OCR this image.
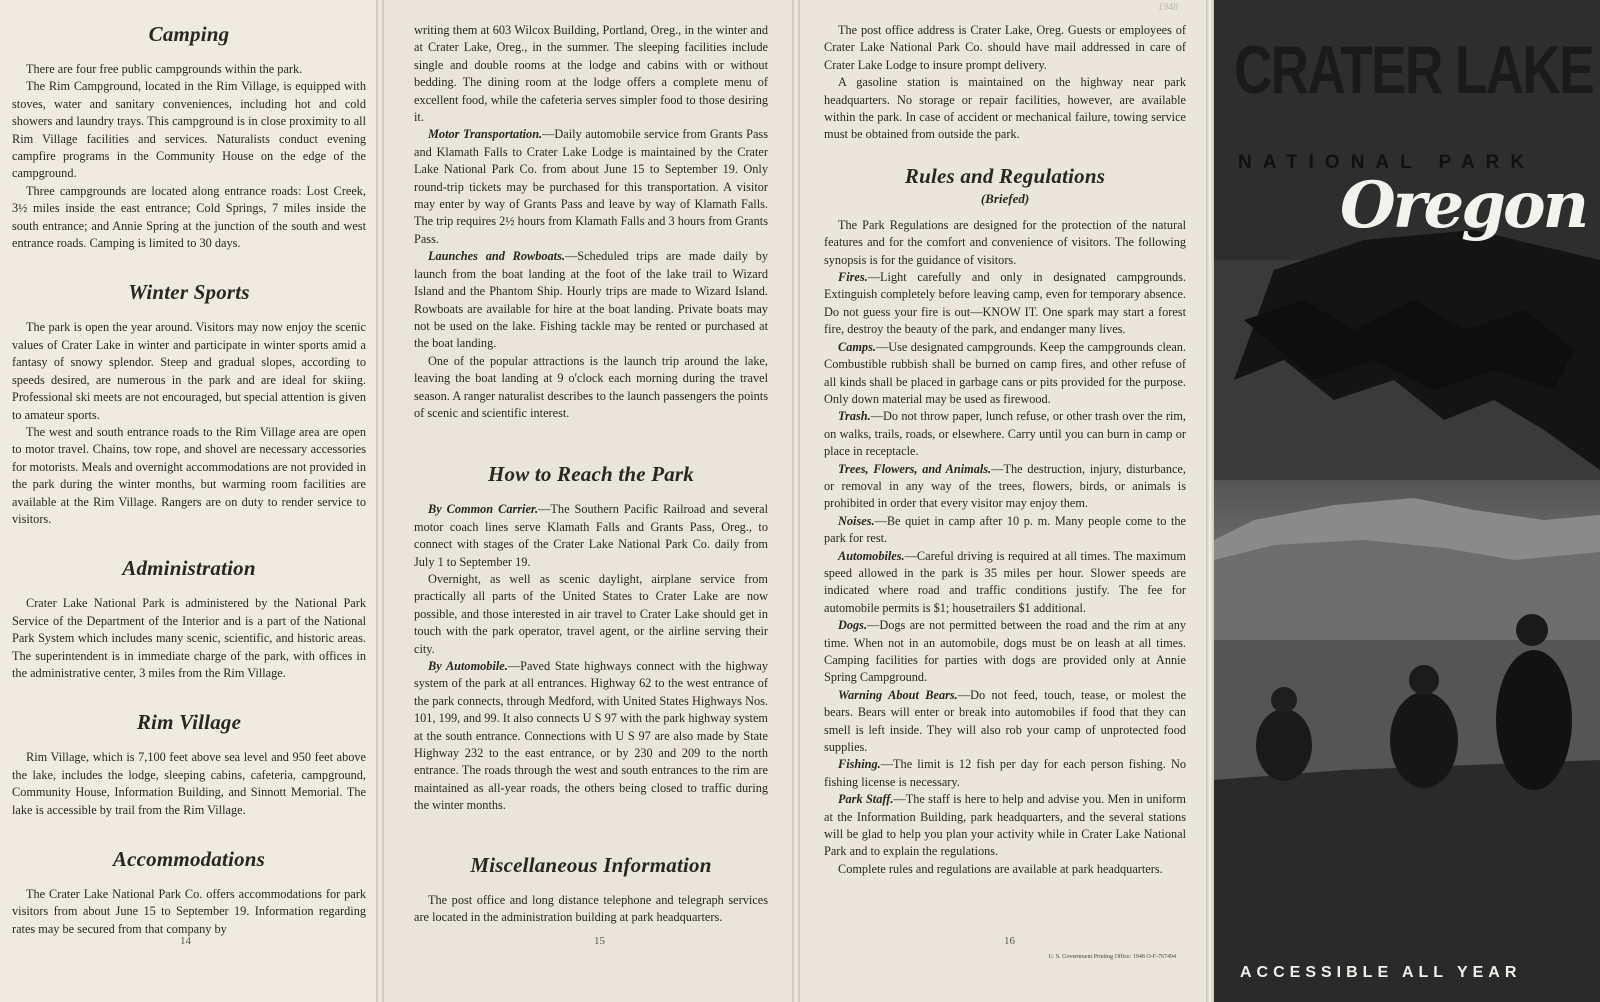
Camping

There are four free public campgrounds within the park.

The Rim Campground, located in the Rim Village, is equipped with stoves, water and sanitary conveniences, including hot and cold showers and laundry trays. This campground is in close proximity to all Rim Village facilities and services. Naturalists conduct evening campfire programs in the Community House on the edge of the campground.

Three campgrounds are located along entrance roads: Lost Creek, 3½ miles inside the east entrance; Cold Springs, 7 miles inside the south entrance; and Annie Spring at the junction of the south and west entrance roads. Camping is limited to 30 days.

Winter Sports

The park is open the year around. Visitors may now enjoy the scenic values of Crater Lake in winter and participate in winter sports amid a fantasy of snowy splendor. Steep and gradual slopes, according to speeds desired, are numerous in the park and are ideal for skiing. Professional ski meets are not encouraged, but special attention is given to amateur sports.

The west and south entrance roads to the Rim Village area are open to motor travel. Chains, tow rope, and shovel are necessary accessories for motorists. Meals and overnight accommodations are not provided in the park during the winter months, but warming room facilities are available at the Rim Village. Rangers are on duty to render service to visitors.

Administration

Crater Lake National Park is administered by the National Park Service of the Department of the Interior and is a part of the National Park System which includes many scenic, scientific, and historic areas. The superintendent is in immediate charge of the park, with offices in the administrative center, 3 miles from the Rim Village.

Rim Village

Rim Village, which is 7,100 feet above sea level and 950 feet above the lake, includes the lodge, sleeping cabins, cafeteria, campground, Community House, Information Building, and Sinnott Memorial. The lake is accessible by trail from the Rim Village.

Accommodations

The Crater Lake National Park Co. offers accommodations for park visitors from about June 15 to September 19. Information regarding rates may be secured from that company by

14

writing them at 603 Wilcox Building, Portland, Oreg., in the winter and at Crater Lake, Oreg., in the summer. The sleeping facilities include single and double rooms at the lodge and cabins with or without bedding. The dining room at the lodge offers a complete menu of excellent food, while the cafeteria serves simpler food to those desiring it.

Motor Transportation.—Daily automobile service from Grants Pass and Klamath Falls to Crater Lake Lodge is maintained by the Crater Lake National Park Co. from about June 15 to September 19. Only round-trip tickets may be purchased for this transportation. A visitor may enter by way of Grants Pass and leave by way of Klamath Falls. The trip requires 2½ hours from Klamath Falls and 3 hours from Grants Pass.

Launches and Rowboats.—Scheduled trips are made daily by launch from the boat landing at the foot of the lake trail to Wizard Island and the Phantom Ship. Hourly trips are made to Wizard Island. Rowboats are available for hire at the boat landing. Private boats may not be used on the lake. Fishing tackle may be rented or purchased at the boat landing.

One of the popular attractions is the launch trip around the lake, leaving the boat landing at 9 o'clock each morning during the travel season. A ranger naturalist describes to the launch passengers the points of scenic and scientific interest.

How to Reach the Park

By Common Carrier.—The Southern Pacific Railroad and several motor coach lines serve Klamath Falls and Grants Pass, Oreg., to connect with stages of the Crater Lake National Park Co. daily from July 1 to September 19.

Overnight, as well as scenic daylight, airplane service from practically all parts of the United States to Crater Lake are now possible, and those interested in air travel to Crater Lake should get in touch with the park operator, travel agent, or the airline serving their city.

By Automobile.—Paved State highways connect with the highway system of the park at all entrances. Highway 62 to the west entrance of the park connects, through Medford, with United States Highways Nos. 101, 199, and 99. It also connects U S 97 with the park highway system at the south entrance. Connections with U S 97 are also made by State Highway 232 to the east entrance, or by 230 and 209 to the north entrance. The roads through the west and south entrances to the rim are maintained as all-year roads, the others being closed to traffic during the winter months.

Miscellaneous Information

The post office and long distance telephone and telegraph services are located in the administration building at park headquarters.

15
1948

The post office address is Crater Lake, Oreg. Guests or employees of Crater Lake National Park Co. should have mail addressed in care of Crater Lake Lodge to insure prompt delivery.

A gasoline station is maintained on the highway near park headquarters. No storage or repair facilities, however, are available within the park. In case of accident or mechanical failure, towing service must be obtained from outside the park.

Rules and Regulations
(Briefed)

The Park Regulations are designed for the protection of the natural features and for the comfort and convenience of visitors. The following synopsis is for the guidance of visitors.

Fires.—Light carefully and only in designated campgrounds. Extinguish completely before leaving camp, even for temporary absence. Do not guess your fire is out—KNOW IT. One spark may start a forest fire, destroy the beauty of the park, and endanger many lives.

Camps.—Use designated campgrounds. Keep the campgrounds clean. Combustible rubbish shall be burned on camp fires, and other refuse of all kinds shall be placed in garbage cans or pits provided for the purpose. Only down material may be used as firewood.

Trash.—Do not throw paper, lunch refuse, or other trash over the rim, on walks, trails, roads, or elsewhere. Carry until you can burn in camp or place in receptacle.

Trees, Flowers, and Animals.—The destruction, injury, disturbance, or removal in any way of the trees, flowers, birds, or animals is prohibited in order that every visitor may enjoy them.

Noises.—Be quiet in camp after 10 p. m. Many people come to the park for rest.

Automobiles.—Careful driving is required at all times. The maximum speed allowed in the park is 35 miles per hour. Slower speeds are indicated where road and traffic conditions justify. The fee for automobile permits is $1; housetrailers $1 additional.

Dogs.—Dogs are not permitted between the road and the rim at any time. When not in an automobile, dogs must be on leash at all times. Camping facilities for parties with dogs are provided only at Annie Spring Campground.

Warning About Bears.—Do not feed, touch, tease, or molest the bears. Bears will enter or break into automobiles if food that they can smell is left inside. They will also rob your camp of unprotected food supplies.

Fishing.—The limit is 12 fish per day for each person fishing. No fishing license is necessary.

Park Staff.—The staff is here to help and advise you. Men in uniform at the Information Building, park headquarters, and the several stations will be glad to help you plan your activity while in Crater Lake National Park and to explain the regulations.

Complete rules and regulations are available at park headquarters.

16
U. S. Government Printing Office: 1948 O-F-767494
CRATER LAKE
NATIONAL PARK
Oregon
ACCESSIBLE ALL YEAR
